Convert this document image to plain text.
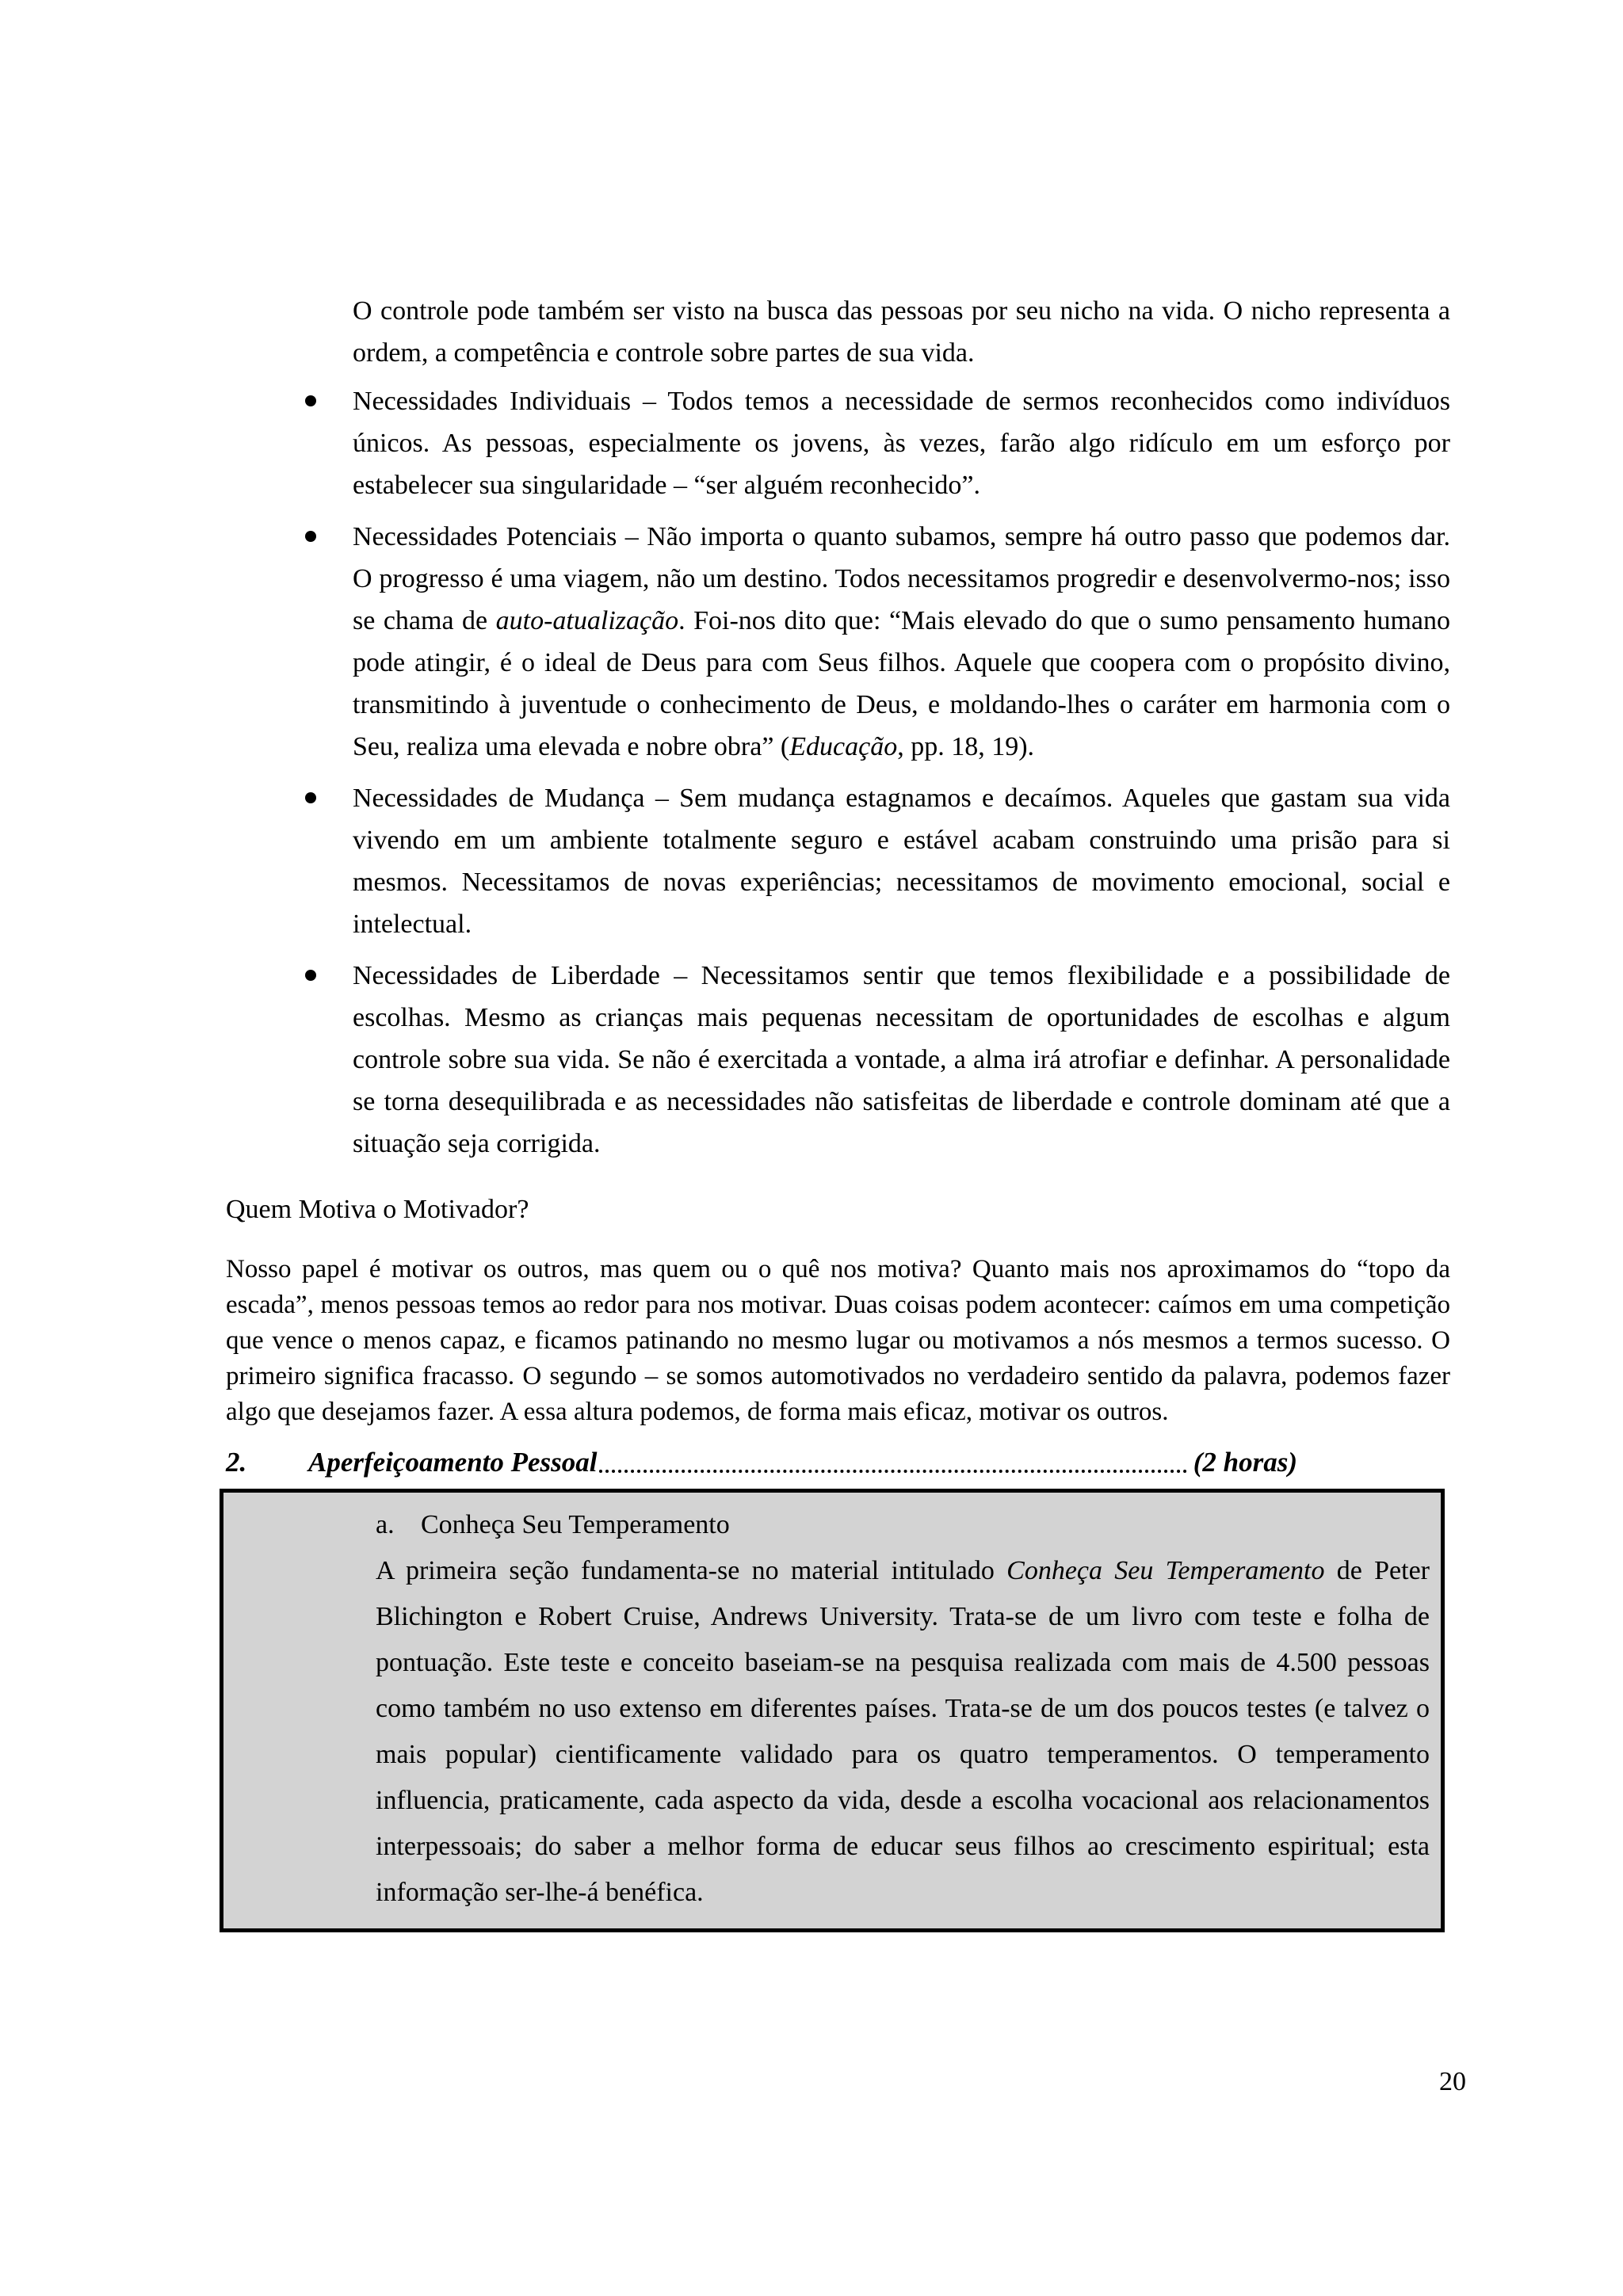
O controle pode também ser visto na busca das pessoas por seu nicho na vida. O nicho representa a ordem, a competência e controle sobre partes de sua vida.

Necessidades Individuais – Todos temos a necessidade de sermos reconhecidos como indivíduos únicos. As pessoas, especialmente os jovens, às vezes, farão algo ridículo em um esforço por estabelecer sua singularidade – “ser alguém reconhecido”.
Necessidades Potenciais – Não importa o quanto subamos, sempre há outro passo que podemos dar. O progresso é uma viagem, não um destino. Todos necessitamos progredir e desenvolvermo-nos; isso se chama de auto-atualização. Foi-nos dito que: “Mais elevado do que o sumo pensamento humano pode atingir, é o ideal de Deus para com Seus filhos. Aquele que coopera com o propósito divino, transmitindo à juventude o conhecimento de Deus, e moldando-lhes o caráter em harmonia com o Seu, realiza uma elevada e nobre obra” (Educação, pp. 18, 19).
Necessidades de Mudança – Sem mudança estagnamos e decaímos. Aqueles que gastam sua vida vivendo em um ambiente totalmente seguro e estável acabam construindo uma prisão para si mesmos. Necessitamos de novas experiências; necessitamos de movimento emocional, social e intelectual.
Necessidades de Liberdade – Necessitamos sentir que temos flexibilidade e a possibilidade de escolhas. Mesmo as crianças mais pequenas necessitam de oportunidades de escolhas e algum controle sobre sua vida. Se não é exercitada a vontade, a alma irá atrofiar e definhar. A personalidade se torna desequilibrada e as necessidades não satisfeitas de liberdade e controle dominam até que a situação seja corrigida.
Quem Motiva o Motivador?

Nosso papel é motivar os outros, mas quem ou o quê nos motiva? Quanto mais nos aproximamos do “topo da escada”, menos pessoas temos ao redor para nos motivar. Duas coisas podem acontecer: caímos em uma competição que vence o menos capaz, e ficamos patinando no mesmo lugar ou motivamos a nós mesmos a termos sucesso. O primeiro significa fracasso. O segundo – se somos automotivados no verdadeiro sentido da palavra, podemos fazer algo que desejamos fazer. A essa altura podemos, de forma mais eficaz, motivar os outros.

2.	Aperfeiçoamento Pessoal	(2 horas)

a. Conheça Seu Temperamento

A primeira seção fundamenta-se no material intitulado Conheça Seu Temperamento de Peter Blichington e Robert Cruise, Andrews University. Trata-se de um livro com teste e folha de pontuação. Este teste e conceito baseiam-se na pesquisa realizada com mais de 4.500 pessoas como também no uso extenso em diferentes países. Trata-se de um dos poucos testes (e talvez o mais popular) cientificamente validado para os quatro temperamentos. O temperamento influencia, praticamente, cada aspecto da vida, desde a escolha vocacional aos relacionamentos interpessoais; do saber a melhor forma de educar seus filhos ao crescimento espiritual; esta informação ser-lhe-á benéfica.

20
